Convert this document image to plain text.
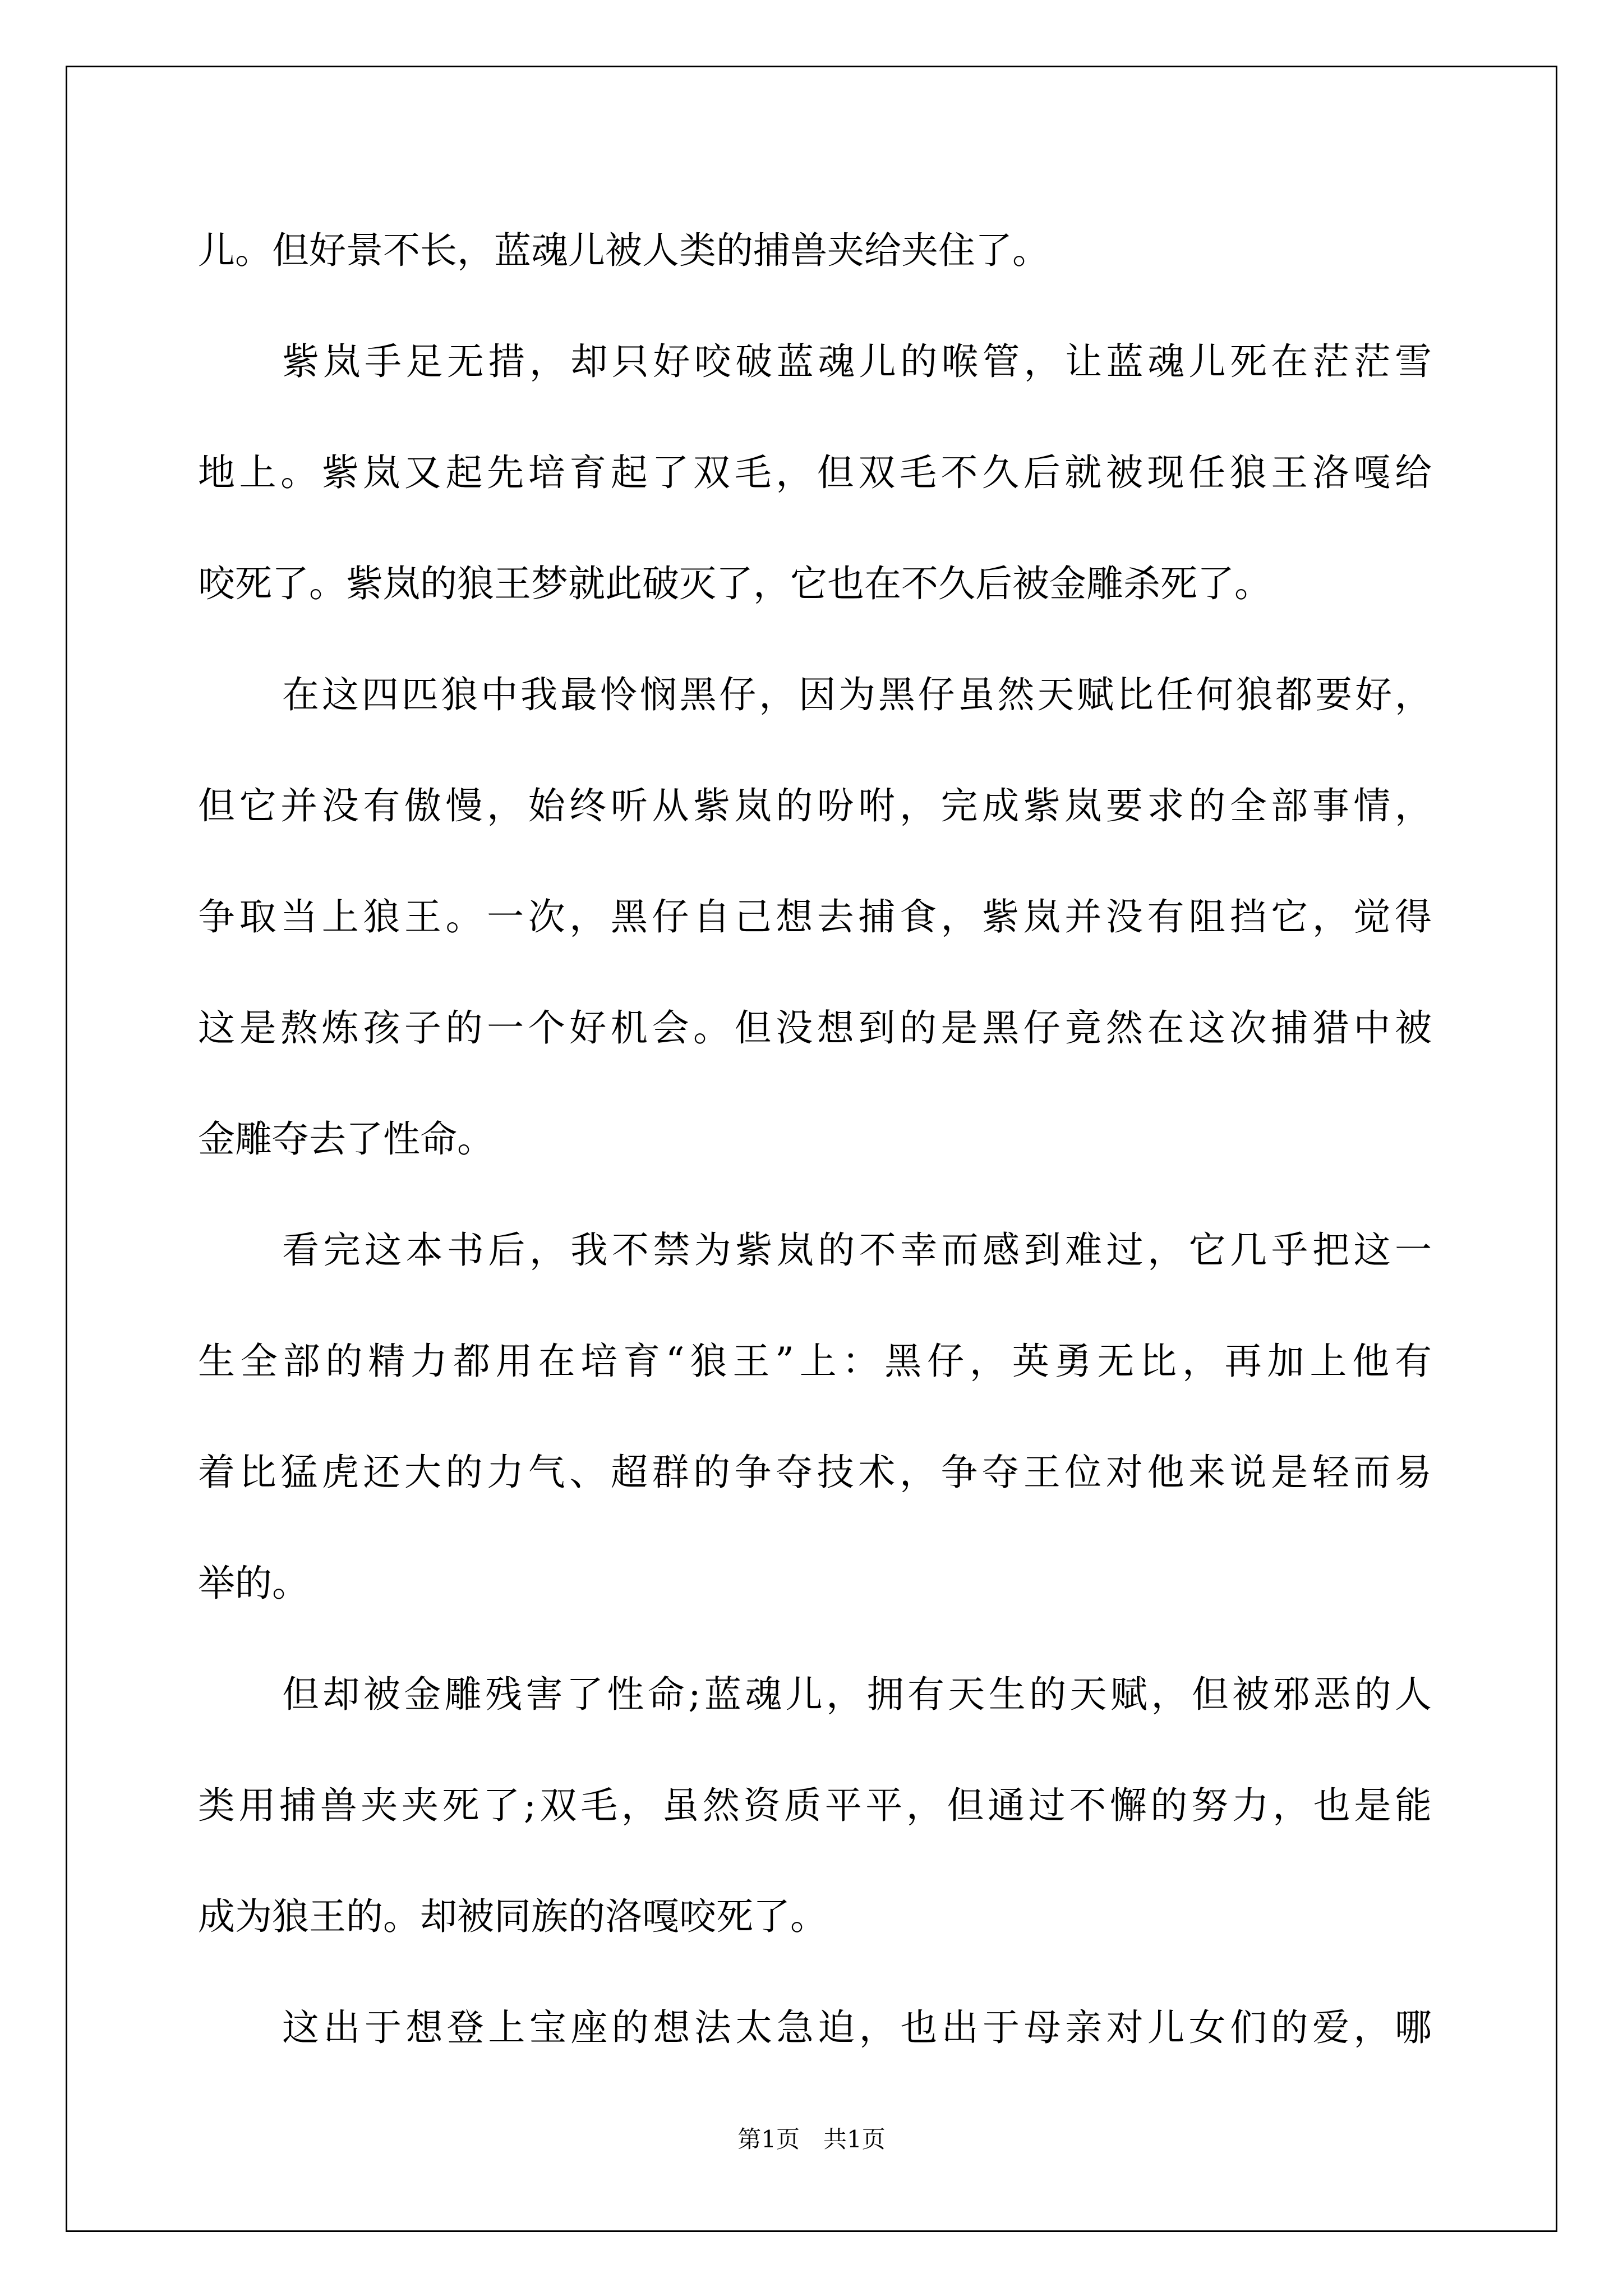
儿。但好景不长，蓝魂儿被人类的捕兽夹给夹住了。
紫岚手足无措，却只好咬破蓝魂儿的喉管，让蓝魂儿死在茫茫雪
地上。紫岚又起先培育起了双毛，但双毛不久后就被现任狼王洛嘎给
咬死了。紫岚的狼王梦就此破灭了，它也在不久后被金雕杀死了。
在这四匹狼中我最怜悯黑仔，因为黑仔虽然天赋比任何狼都要好，
但它并没有傲慢，始终听从紫岚的吩咐，完成紫岚要求的全部事情，
争取当上狼王。一次，黑仔自己想去捕食，紫岚并没有阻挡它，觉得
这是熬炼孩子的一个好机会。但没想到的是黑仔竟然在这次捕猎中被
金雕夺去了性命。
看完这本书后，我不禁为紫岚的不幸而感到难过，它几乎把这一
生全部的精力都用在培育“狼王”上：黑仔，英勇无比，再加上他有
着比猛虎还大的力气、超群的争夺技术，争夺王位对他来说是轻而易
举的。
但却被金雕残害了性命;蓝魂儿，拥有天生的天赋，但被邪恶的人
类用捕兽夹夹死了;双毛，虽然资质平平，但通过不懈的努力，也是能
成为狼王的。却被同族的洛嘎咬死了。
这出于想登上宝座的想法太急迫，也出于母亲对儿女们的爱，哪
第1页　共1页
